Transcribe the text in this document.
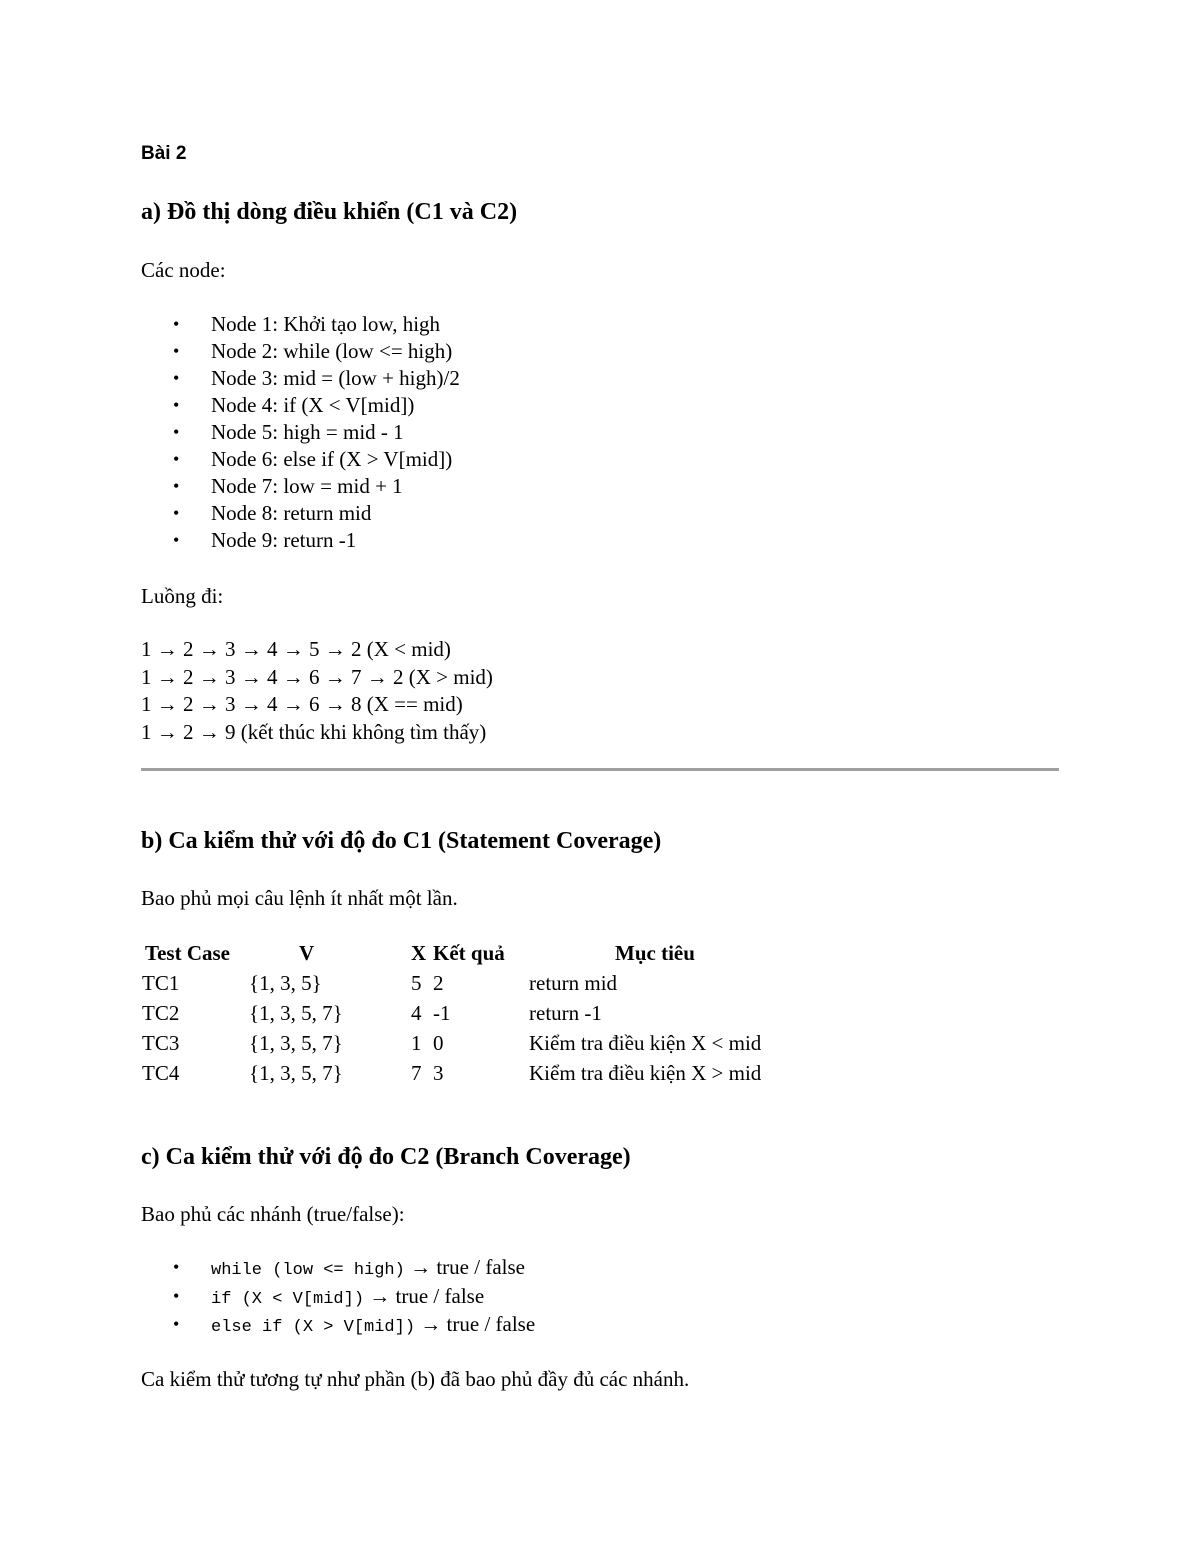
Bài 2
a) Đồ thị dòng điều khiển (C1 và C2)
Các node:
• Node 1: Khởi tạo low, high
• Node 2: while (low <= high)
• Node 3: mid = (low + high)/2
• Node 4: if (X < V[mid])
• Node 5: high = mid - 1
• Node 6: else if (X > V[mid])
• Node 7: low = mid + 1
• Node 8: return mid
• Node 9: return -1
Luồng đi:
1 → 2 → 3 → 4 → 5 → 2 (X < mid)
1 → 2 → 3 → 4 → 6 → 7 → 2 (X > mid)
1 → 2 → 3 → 4 → 6 → 8 (X == mid)
1 → 2 → 9 (kết thúc khi không tìm thấy)
b) Ca kiểm thử với độ đo C1 (Statement Coverage)
Bao phủ mọi câu lệnh ít nhất một lần.
Test Case	V	X	Kết quả	Mục tiêu
TC1	{1, 3, 5}	5	2	return mid
TC2	{1, 3, 5, 7}	4	-1	return -1
TC3	{1, 3, 5, 7}	1	0	Kiểm tra điều kiện X < mid
TC4	{1, 3, 5, 7}	7	3	Kiểm tra điều kiện X > mid
c) Ca kiểm thử với độ đo C2 (Branch Coverage)
Bao phủ các nhánh (true/false):
• while (low <= high) → true / false
• if (X < V[mid]) → true / false
• else if (X > V[mid]) → true / false
Ca kiểm thử tương tự như phần (b) đã bao phủ đầy đủ các nhánh.
